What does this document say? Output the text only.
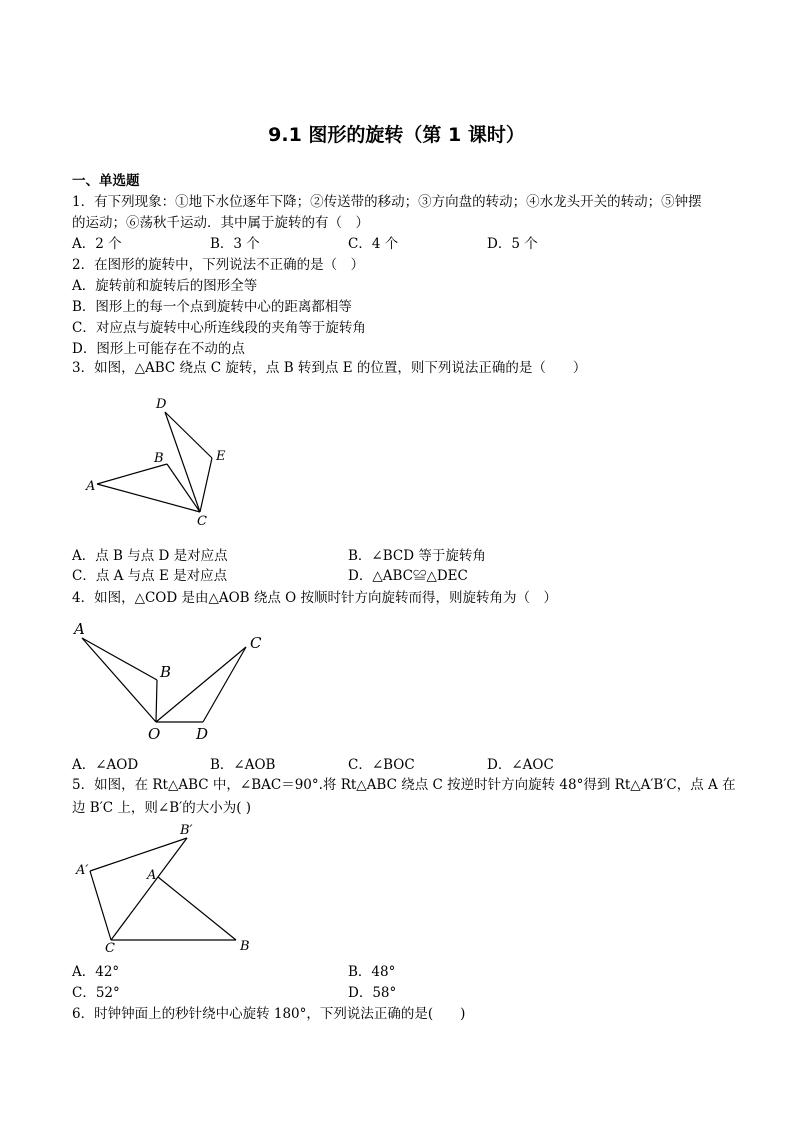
9.1 图形的旋转（第 1 课时）
一、单选题
1．有下列现象：①地下水位逐年下降；②传送带的移动；③方向盘的转动；④水龙头开关的转动；⑤钟摆
的运动；⑥荡秋千运动．其中属于旋转的有（　）
A．2 个	B．3 个	C．4 个	D．5 个
2．在图形的旋转中，下列说法不正确的是（　）
A．旋转前和旋转后的图形全等
B．图形上的每一个点到旋转中心的距离都相等
C．对应点与旋转中心所连线段的夹角等于旋转角
D．图形上可能存在不动的点
3．如图，△ABC 绕点 C 旋转，点 B 转到点 E 的位置，则下列说法正确的是（　　）
A
B
C
D
E
A．点 B 与点 D 是对应点	B．∠BCD 等于旋转角
C．点 A 与点 E 是对应点	D．△ABC≌△DEC
4．如图，△COD 是由△AOB 绕点 O 按顺时针方向旋转而得，则旋转角为（　）
A
B
C
O D
A．∠AOD	B．∠AOB	C．∠BOC	D．∠AOC
5．如图，在 Rt△ABC 中，∠BAC＝90°.将 Rt△ABC 绕点 C 按逆时针方向旋转 48°得到 Rt△A′B′C，点 A 在
边 B′C 上，则∠B′的大小为( )
A′
B′
A
C	B
A．42°	B．48°
C．52°	D．58°
6．时钟钟面上的秒针绕中心旋转 180°，下列说法正确的是(　　)
